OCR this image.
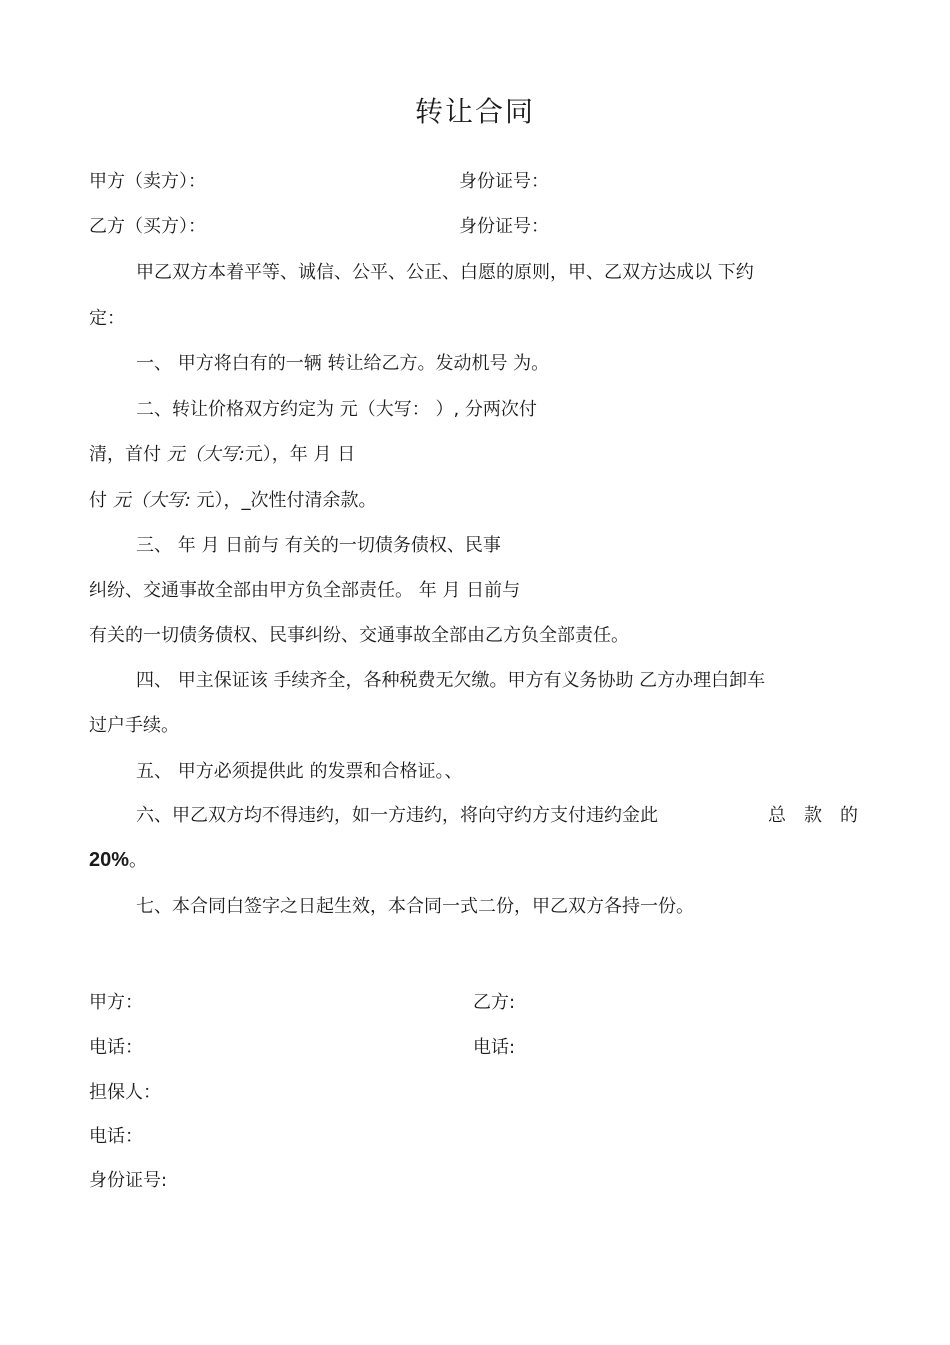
转让合同
甲方（卖方）：	身份证号：
乙方（买方）：	身份证号：
甲乙双方本着平等、诚信、公平、公正、白愿的原则，甲、乙双方达成以 下约
定：
一、 甲方将白有的一辆 转让给乙方。发动机号 为。
二、转让价格双方约定为 元（大写： ）, 分两次付
清，首付 元（大写:元），年 月 日
付 元（大写: 元），_次性付清余款。
三、 年 月 日前与 有关的一切债务债权、民事
纠纷、交通事故全部由甲方负全部责任。 年 月 日前与
有关的一切债务债权、民事纠纷、交通事故全部由乙方负全部责任。
四、 甲主保证该 手续齐全，各种税费无欠缴。甲方有义务协助 乙方办理白卸车
过户手续。
五、 甲方必须提供此 的发票和合格证。、
六、甲乙双方均不得违约，如一方违约，将向守约方支付违约金此	总 款 的
20%。
七、本合同白签字之日起生效，本合同一式二份，甲乙双方各持一份。
甲方：	乙方:
电话：	电话:
担保人：
电话：
身份证号:
